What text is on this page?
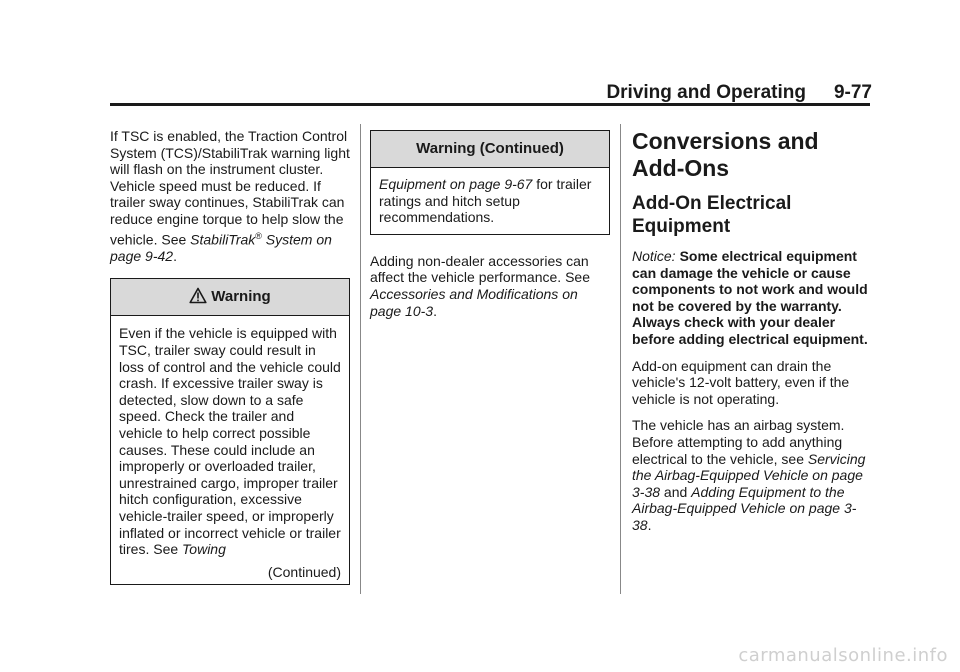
Driving and Operating 9-77

If TSC is enabled, the Traction Control System (TCS)/StabiliTrak warning light will flash on the instrument cluster. Vehicle speed must be reduced. If trailer sway continues, StabiliTrak can reduce engine torque to help slow the vehicle. See StabiliTrak® System on page 9-42.

Warning
Even if the vehicle is equipped with TSC, trailer sway could result in loss of control and the vehicle could crash. If excessive trailer sway is detected, slow down to a safe speed. Check the trailer and vehicle to help correct possible causes. These could include an improperly or overloaded trailer, unrestrained cargo, improper trailer hitch configuration, excessive vehicle-trailer speed, or improperly inflated or incorrect vehicle or trailer tires. See Towing
(Continued)
Warning (Continued)
Equipment on page 9-67 for trailer ratings and hitch setup recommendations.

Adding non-dealer accessories can affect the vehicle performance. See Accessories and Modifications on page 10-3.

Conversions and Add-Ons
Add-On Electrical Equipment

Notice: Some electrical equipment can damage the vehicle or cause components to not work and would not be covered by the warranty. Always check with your dealer before adding electrical equipment.

Add-on equipment can drain the vehicle's 12-volt battery, even if the vehicle is not operating.

The vehicle has an airbag system. Before attempting to add anything electrical to the vehicle, see Servicing the Airbag-Equipped Vehicle on page 3-38 and Adding Equipment to the Airbag-Equipped Vehicle on page 3-38.

carmanualsonline.info
